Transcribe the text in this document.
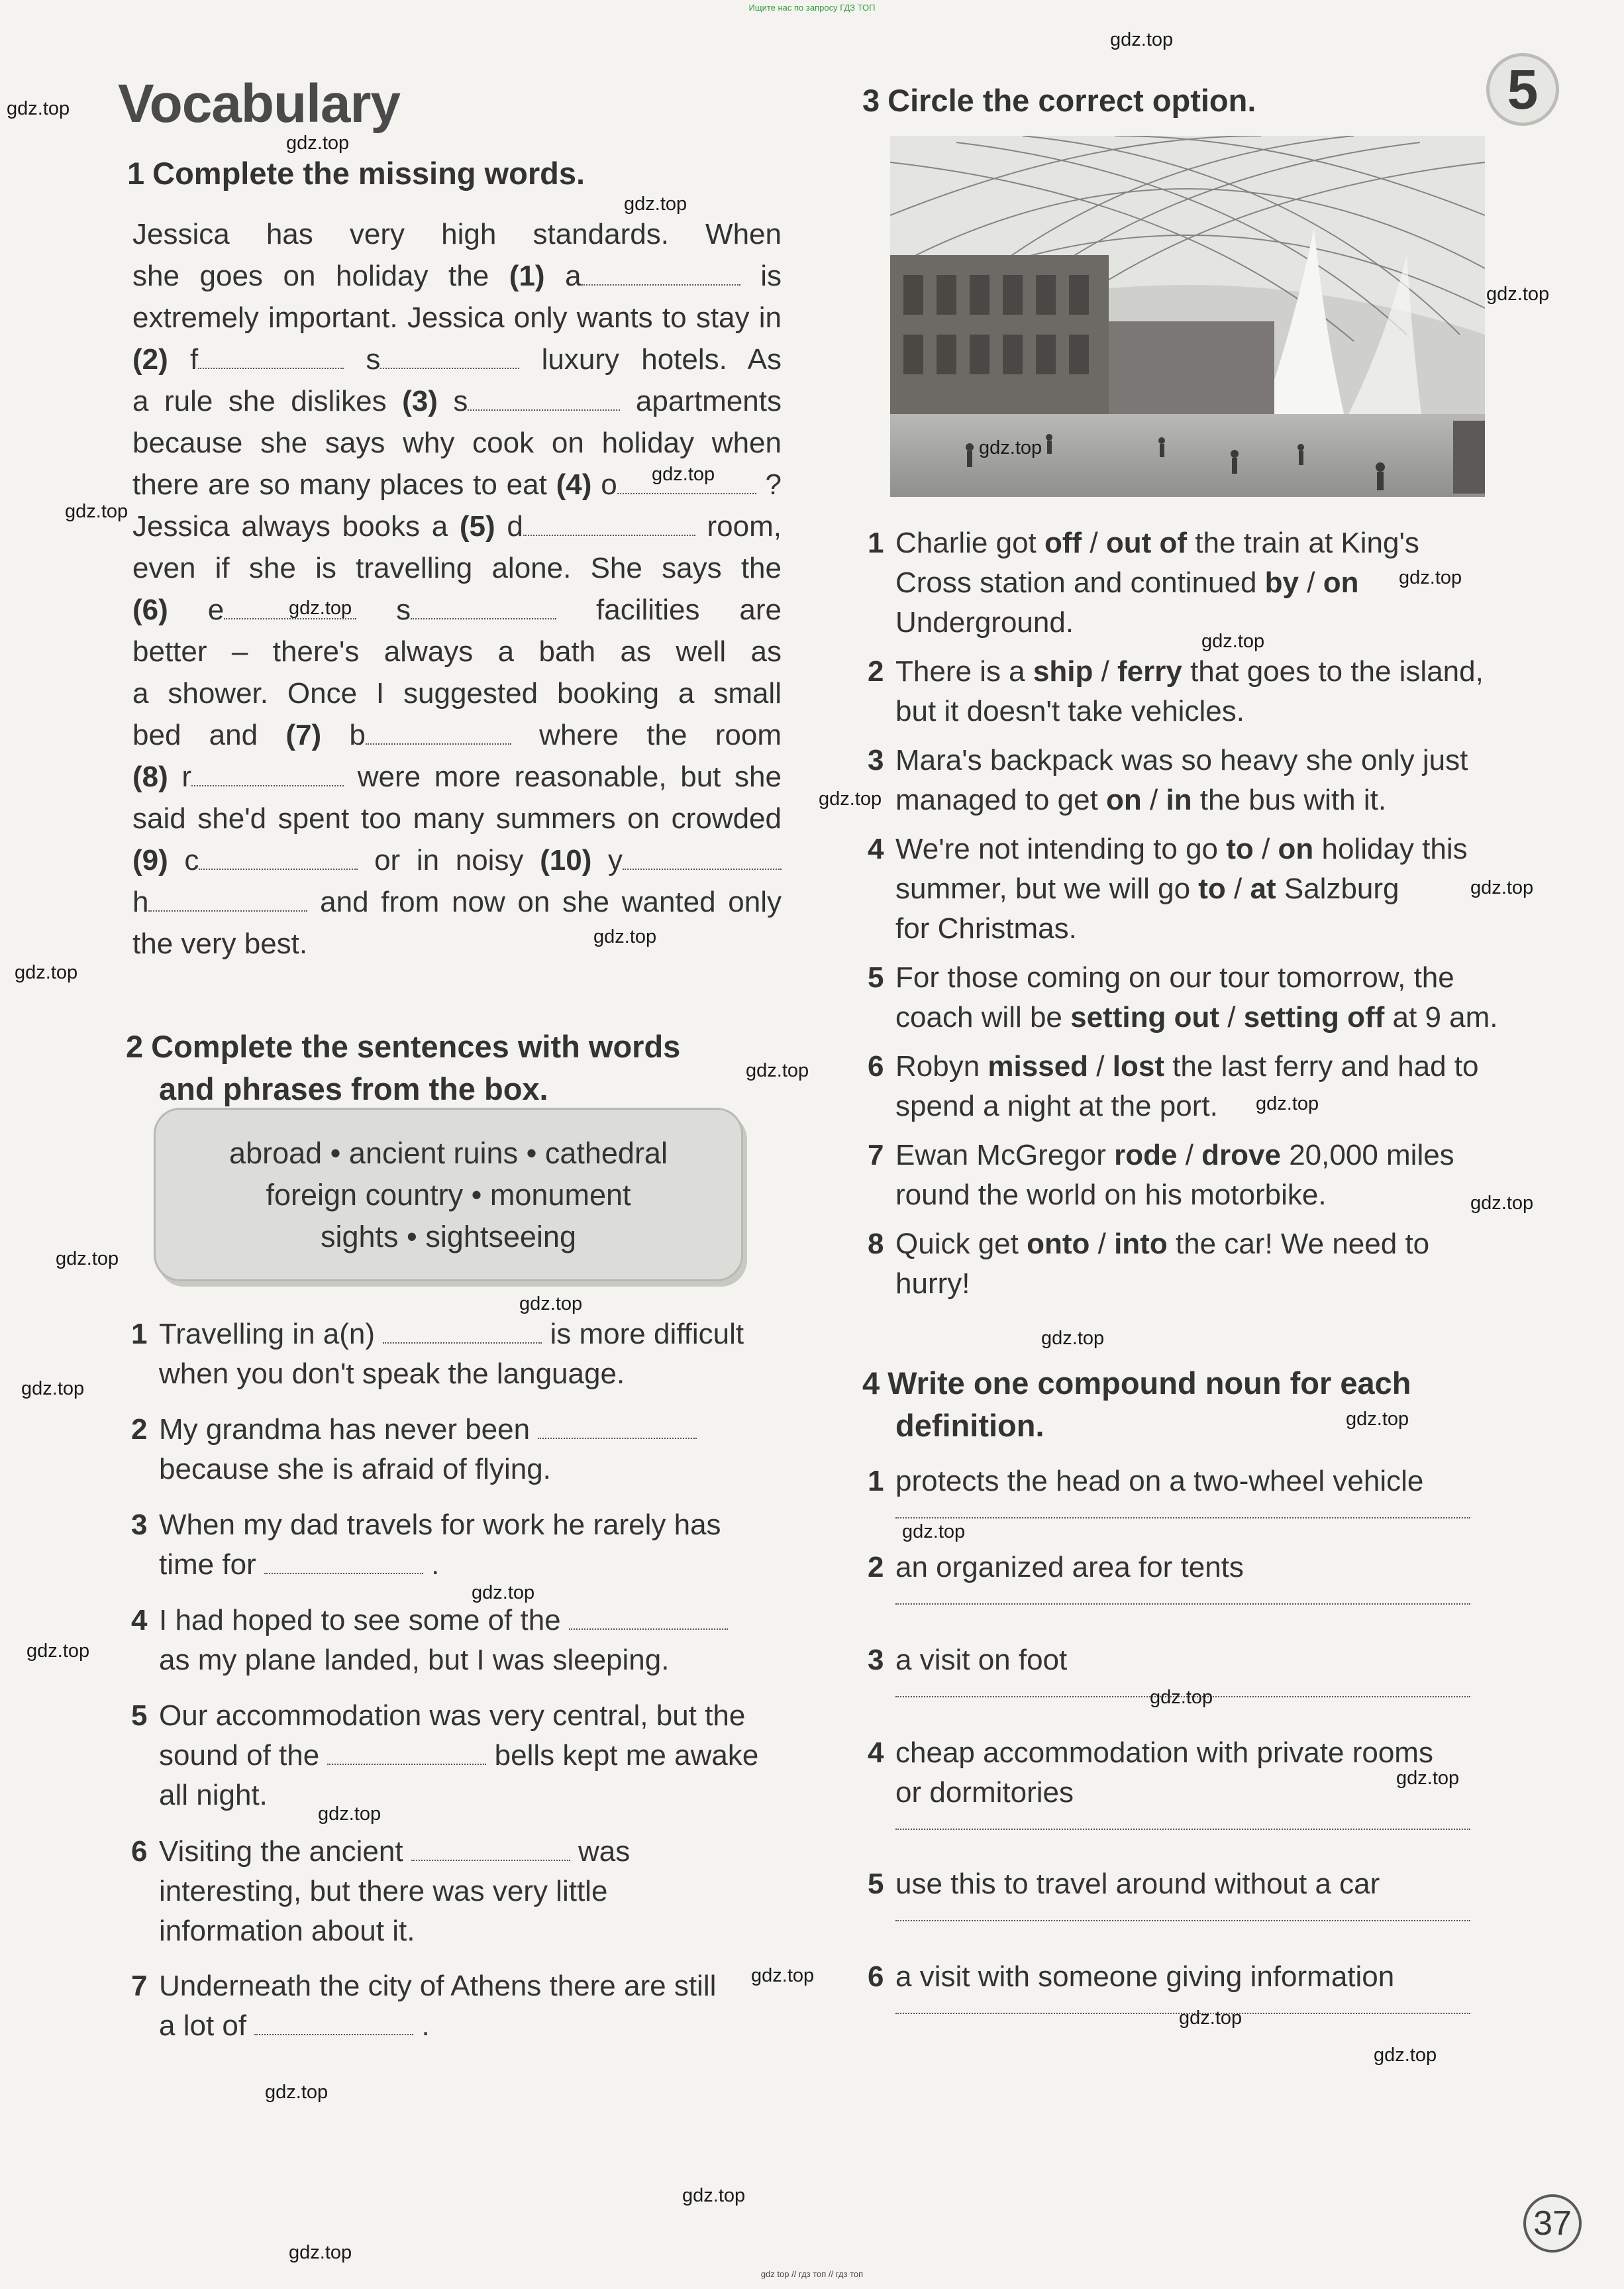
Ищите нас по запросу ГДЗ ТОП
gdz top // гдз топ // гдз топ
5
37
Vocabulary
1 Complete the missing words.
Jessica has very high standards. When
she goes on holiday the (1) a	is
extremely important. Jessica only wants to stay in
(2) f	s	luxury hotels. As
a rule she dislikes (3) s	apartments
because she says why cook on holiday when
there are so many places to eat (4) o	?
Jessica always books a (5) d	room,
even if she is travelling alone. She says the
(6) e	s	facilities are
better – there's always a bath as well as
a shower. Once I suggested booking a small
bed and (7) b	where the room
(8) r	were more reasonable, but she
said she'd spent too many summers on crowded
(9) c	or in noisy (10) y
h	and from now on she wanted only
the very best.
2 Complete the sentences with words
and phrases from the box.
abroad • ancient ruins • cathedral
foreign country • monument
sights • sightseeing
1 Travelling in a(n)	is more difficult
when you don't speak the language.
2 My grandma has never been
because she is afraid of flying.
3 When my dad travels for work he rarely has
time for	.
4 I had hoped to see some of the
as my plane landed, but I was sleeping.
5 Our accommodation was very central, but the
sound of the	bells kept me awake
all night.
6 Visiting the ancient	was
interesting, but there was very little
information about it.
7 Underneath the city of Athens there are still
a lot of	.
3 Circle the correct option.
1 Charlie got off / out of the train at King's
Cross station and continued by / on
Underground.
2 There is a ship / ferry that goes to the island,
but it doesn't take vehicles.
3 Mara's backpack was so heavy she only just
managed to get on / in the bus with it.
4 We're not intending to go to / on holiday this
summer, but we will go to / at Salzburg
for Christmas.
5 For those coming on our tour tomorrow, the
coach will be setting out / setting off at 9 am.
6 Robyn missed / lost the last ferry and had to
spend a night at the port.
7 Ewan McGregor rode / drove 20,000 miles
round the world on his motorbike.
8 Quick get onto / into the car! We need to
hurry!
4 Write one compound noun for each
definition.
1 protects the head on a two-wheel vehicle
2 an organized area for tents
3 a visit on foot
4 cheap accommodation with private rooms
or dormitories
5 use this to travel around without a car
6 a visit with someone giving information
gdz.top
gdz.top
gdz.top
gdz.top
gdz.top
gdz.top
gdz.top
gdz.top
gdz.top
gdz.top
gdz.top
gdz.top
gdz.top
gdz.top
gdz.top
gdz.top
gdz.top
gdz.top
gdz.top
gdz.top
gdz.top
gdz.top
gdz.top
gdz.top
gdz.top
gdz.top
gdz.top
gdz.top
gdz.top
gdz.top
gdz.top
gdz.top
gdz.top
gdz.top
gdz.top
